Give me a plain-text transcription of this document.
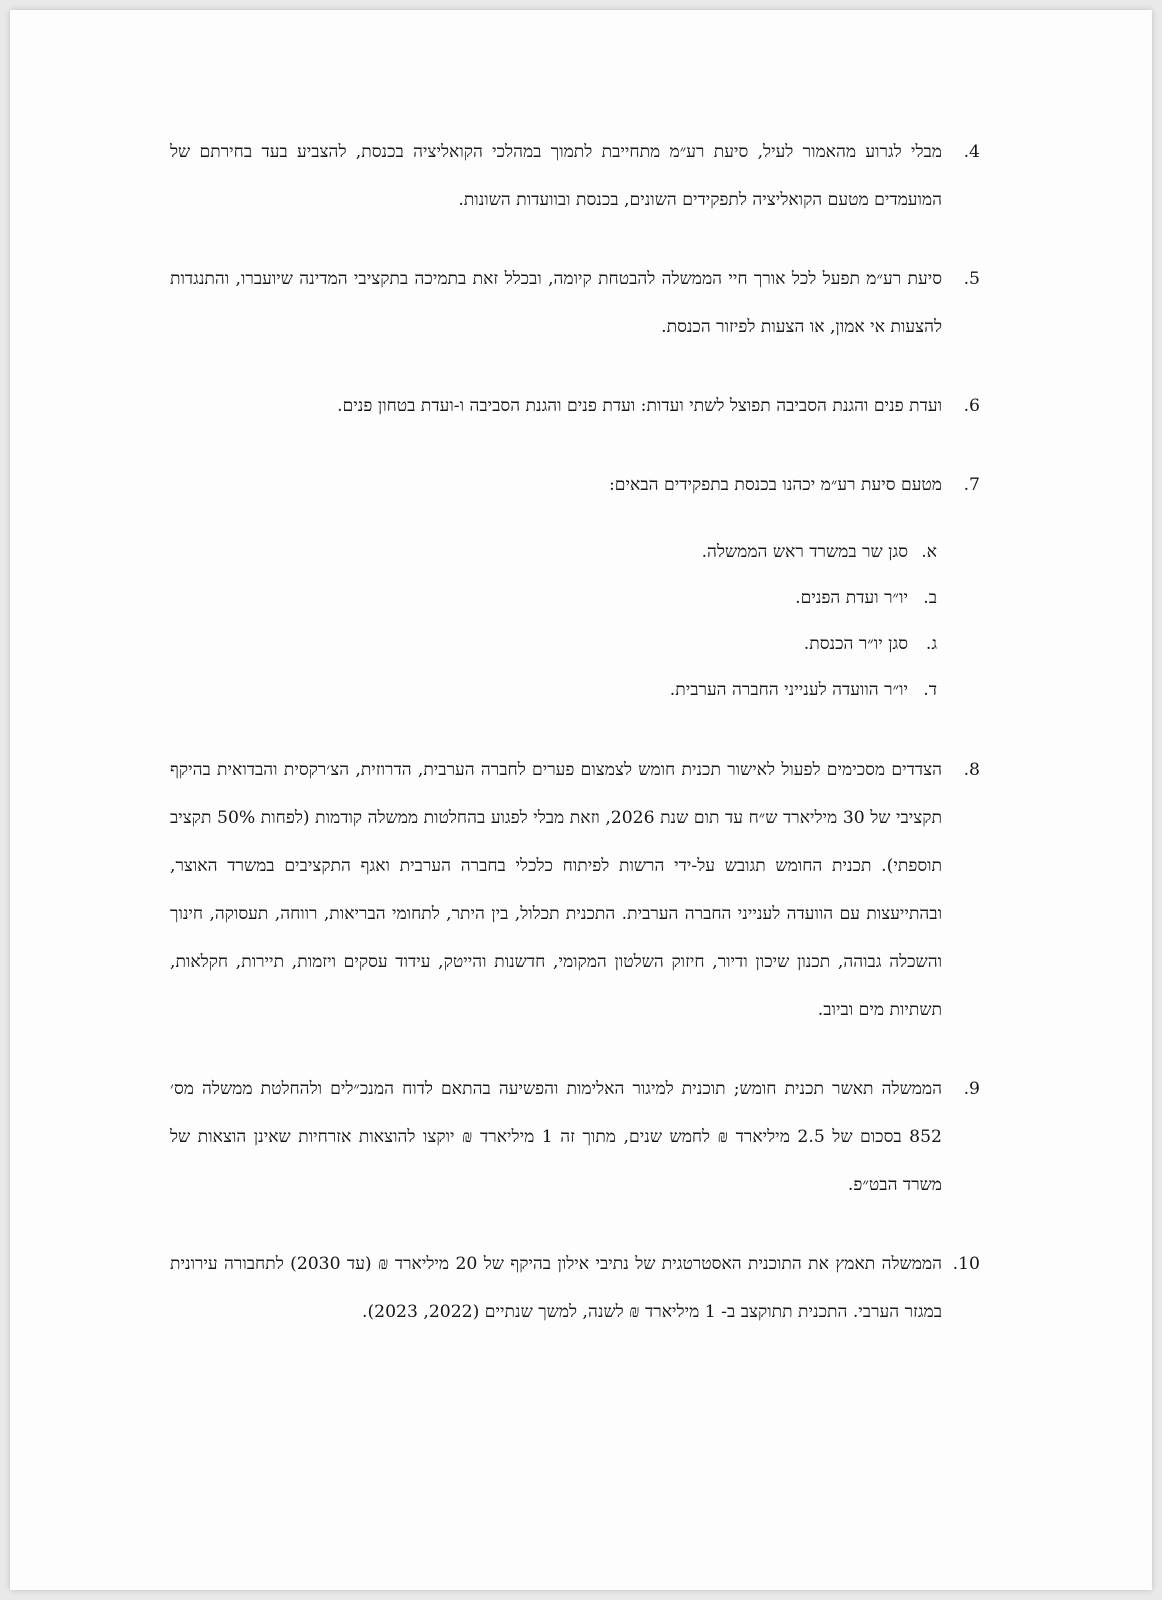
.4

מבלי לגרוע מהאמור לעיל, סיעת רע״מ מתחייבת לתמוך במהלכי הקואליציה בכנסת, להצביע בעד בחירתם של המועמדים מטעם הקואליציה לתפקידים השונים, בכנסת ובוועדות השונות.

.5

סיעת רע״מ תפעל לכל אורך חיי הממשלה להבטחת קיומה, ובכלל זאת בתמיכה בתקציבי המדינה שיועברו, והתנגדות להצעות אי אמון, או הצעות לפיזור הכנסת.

.6

ועדת פנים והגנת הסביבה תפוצל לשתי ועדות: ועדת פנים והגנת הסביבה ו-ועדת בטחון פנים.

.7

מטעם סיעת רע״מ יכהנו בכנסת בתפקידים הבאים:

א.
סגן שר במשרד ראש הממשלה.
ב.
יו״ר ועדת הפנים.
ג.
סגן יו״ר הכנסת.
ד.
יו״ר הוועדה לענייני החברה הערבית.
.8

הצדדים מסכימים לפעול לאישור תכנית חומש לצמצום פערים לחברה הערבית, הדרוזית, הצ׳רקסית והבדואית בהיקף תקציבי של 30 מיליארד ש״ח עד תום שנת 2026, וזאת מבלי לפגוע בהחלטות ממשלה קודמות (לפחות 50% תקציב תוספתי). תכנית החומש תגובש על-ידי הרשות לפיתוח כלכלי בחברה הערבית ואגף התקציבים במשרד האוצר, ובהתייעצות עם הוועדה לענייני החברה הערבית. התכנית תכלול, בין היתר, לתחומי הבריאות, רווחה, תעסוקה, חינוך והשכלה גבוהה, תכנון שיכון ודיור, חיזוק השלטון המקומי, חדשנות והייטק, עידוד עסקים ויזמות, תיירות, חקלאות, תשתיות מים וביוב.

.9

הממשלה תאשר תכנית חומש; תוכנית למיגור האלימות והפשיעה בהתאם לדוח המנכ״לים ולהחלטת ממשלה מס׳ 852 בסכום של 2.5 מיליארד ₪ לחמש שנים, מתוך זה 1 מיליארד ₪ יוקצו להוצאות אזרחיות שאינן הוצאות של משרד הבט״פ.

.10

הממשלה תאמץ את התוכנית האסטרטגית של נתיבי אילון בהיקף של 20 מיליארד ₪ (עד 2030) לתחבורה עירונית במגזר הערבי. התכנית תתוקצב ב- 1 מיליארד ₪ לשנה, למשך שנתיים (2022, 2023).
